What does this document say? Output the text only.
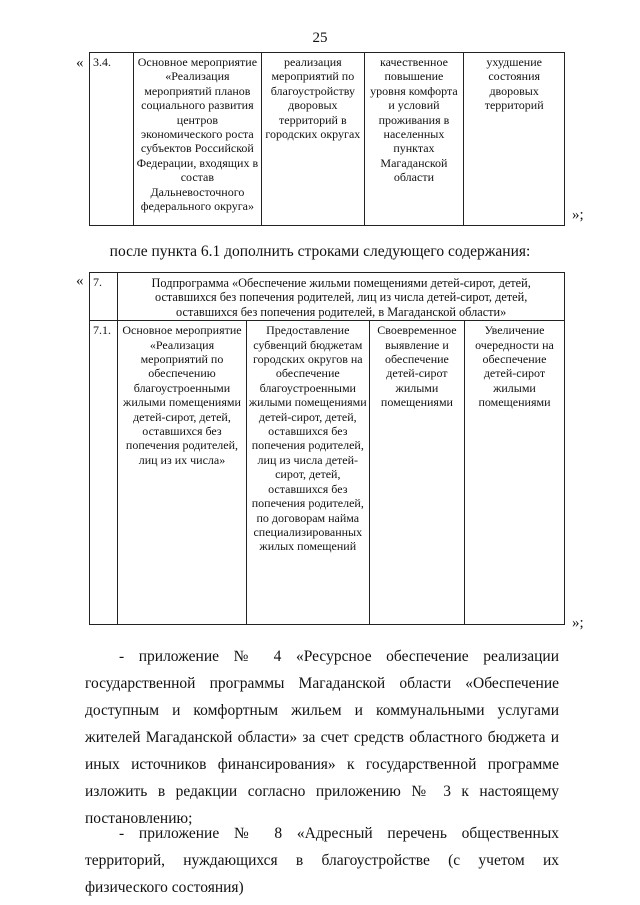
25
« 3.4.	Основное мероприятие «Реализация мероприятий планов социального развития центров экономического роста субъектов Российской Федерации, входящих в состав Дальневосточного федерального округа»	реализация мероприятий по благоустройству дворовых территорий в городских округах	качественное повышение уровня комфорта и условий проживания в населенных пунктах Магаданской области	ухудшение состояния дворовых территорий
»;
после пункта 6.1 дополнить строками следующего содержания:
« 7.	Подпрограмма «Обеспечение жильми помещениями детей-сирот, детей, оставшихся без попечения родителей, лиц из числа детей-сирот, детей, оставшихся без попечения родителей, в Магаданской области»			
7.1.	Основное мероприятие «Реализация мероприятий по обеспечению благоустроенными жилыми помещениями детей-сирот, детей, оставшихся без попечения родителей, лиц из их числа»	Предоставление субвенций бюджетам городских округов на обеспечение благоустроенными жилыми помещениями детей-сирот, детей, оставшихся без попечения родителей, лиц из числа детей-сирот, детей, оставшихся без попечения родителей, по договорам найма специализированных жилых помещений	Своевременное выявление и обеспечение детей-сирот жилыми помещениями	Увеличение очередности на обеспечение детей-сирот жилыми помещениями
»;

- приложение № 4 «Ресурсное обеспечение реализации государственной программы Магаданской области «Обеспечение доступным и комфортным жильем и коммунальными услугами жителей Магаданской области» за счет средств областного бюджета и иных источников финансирования» к государственной программе изложить в редакции согласно приложению № 3 к настоящему постановлению;

- приложение № 8 «Адресный перечень общественных территорий, нуждающихся в благоустройстве (с учетом их физического состояния)
